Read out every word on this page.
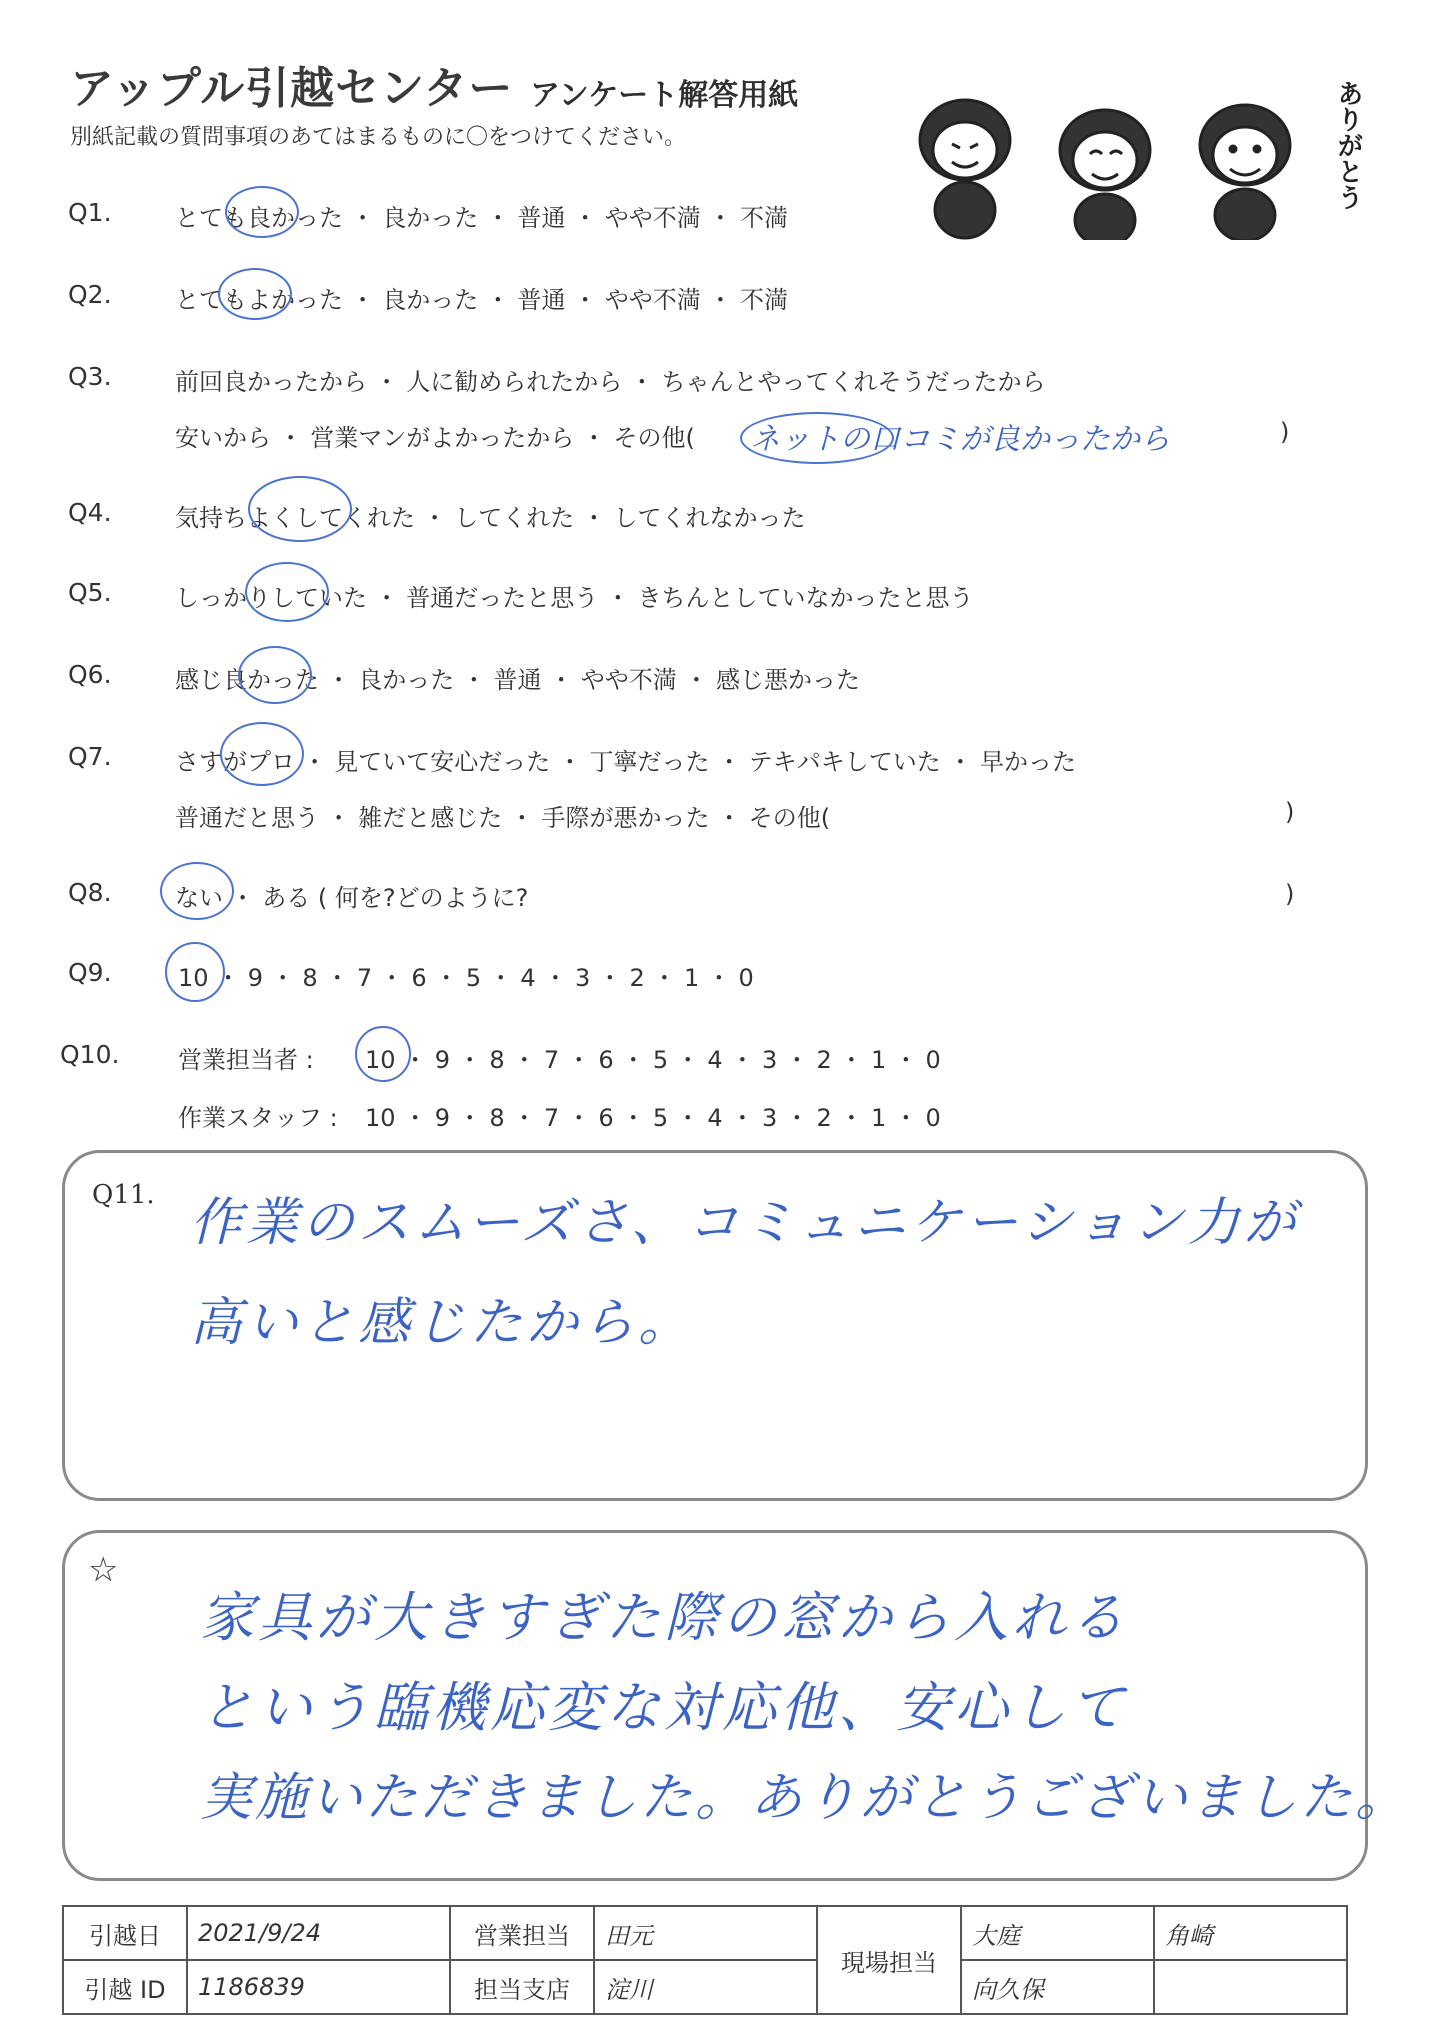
アップル引越センター アンケート解答用紙
別紙記載の質問事項のあてはまるものに〇をつけてください。	ありがとう
Q1.	とても良かった ・ 良かった ・ 普通 ・ やや不満 ・ 不満
Q2.	とてもよかった ・ 良かった ・ 普通 ・ やや不満 ・ 不満
Q3.	前回良かったから ・ 人に勧められたから ・ ちゃんとやってくれそうだったから
安いから ・ 営業マンがよかったから ・ その他( ネットの口コミが良かったから	)
Q4.	気持ちよくしてくれた ・ してくれた ・ してくれなかった
Q5.	しっかりしていた ・ 普通だったと思う ・ きちんとしていなかったと思う
Q6.	感じ良かった ・ 良かった ・ 普通 ・ やや不満 ・ 感じ悪かった
Q7.	さすがプロ ・ 見ていて安心だった ・ 丁寧だった ・ テキパキしていた ・ 早かった
普通だと思う ・ 雑だと感じた ・ 手際が悪かった ・ その他(	)
Q8.	ない ・ ある ( 何を?どのように?	)
Q9.	10 ・ 9 ・ 8 ・ 7 ・ 6 ・ 5 ・ 4 ・ 3 ・ 2 ・ 1 ・ 0
Q10. 営業担当者 : 10 ・ 9 ・ 8 ・ 7 ・ 6 ・ 5 ・ 4 ・ 3 ・ 2 ・ 1 ・ 0
作業スタッフ : 10 ・ 9 ・ 8 ・ 7 ・ 6 ・ 5 ・ 4 ・ 3 ・ 2 ・ 1 ・ 0
Q11. 作業のスムーズさ、コミュニケーション力が
高いと感じたから。
☆
家具が大きすぎた際の窓から入れる
という臨機応変な対応他、安心して
実施いただきました。ありがとうございました。
引越日	2021/9/24	営業担当	田元	現場担当	大庭	角崎
引越 ID	1186839	担当支店	淀川		向久保	
